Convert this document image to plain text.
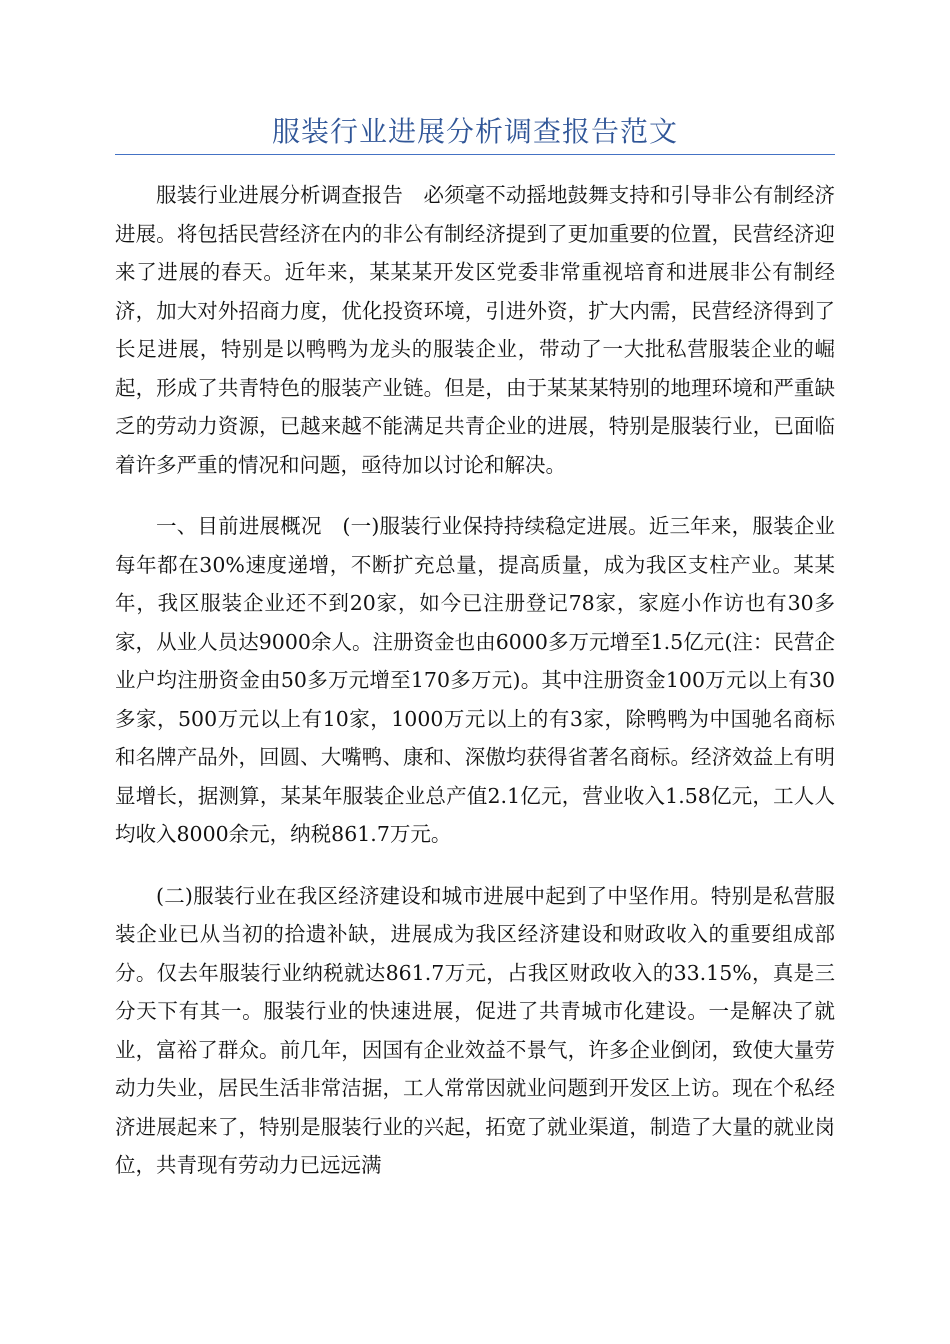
服装行业进展分析调查报告范文

服装行业进展分析调查报告　必须毫不动摇地鼓舞支持和引导非公有制经济进展。将包括民营经济在内的非公有制经济提到了更加重要的位置，民营经济迎来了进展的春天。近年来，某某某开发区党委非常重视培育和进展非公有制经济，加大对外招商力度，优化投资环境，引进外资，扩大内需，民营经济得到了长足进展，特别是以鸭鸭为龙头的服装企业，带动了一大批私营服装企业的崛起，形成了共青特色的服装产业链。但是，由于某某某特别的地理环境和严重缺乏的劳动力资源，已越来越不能满足共青企业的进展，特别是服装行业，已面临着许多严重的情况和问题，亟待加以讨论和解决。

一、目前进展概况　(一)服装行业保持持续稳定进展。近三年来，服装企业每年都在30%速度递增，不断扩充总量，提高质量，成为我区支柱产业。某某年，我区服装企业还不到20家，如今已注册登记78家，家庭小作访也有30多家，从业人员达9000余人。注册资金也由6000多万元增至1.5亿元(注：民营企业户均注册资金由50多万元增至170多万元)。其中注册资金100万元以上有30多家，500万元以上有10家，1000万元以上的有3家，除鸭鸭为中国驰名商标和名牌产品外，回圆、大嘴鸭、康和、深傲均获得省著名商标。经济效益上有明显增长，据测算，某某年服装企业总产值2.1亿元，营业收入1.58亿元，工人人均收入8000余元，纳税861.7万元。

(二)服装行业在我区经济建设和城市进展中起到了中坚作用。特别是私营服装企业已从当初的拾遗补缺，进展成为我区经济建设和财政收入的重要组成部分。仅去年服装行业纳税就达861.7万元，占我区财政收入的33.15%，真是三分天下有其一。服装行业的快速进展，促进了共青城市化建设。一是解决了就业，富裕了群众。前几年，因国有企业效益不景气，许多企业倒闭，致使大量劳动力失业，居民生活非常洁据，工人常常因就业问题到开发区上访。现在个私经济进展起来了，特别是服装行业的兴起，拓宽了就业渠道，制造了大量的就业岗位，共青现有劳动力已远远满
